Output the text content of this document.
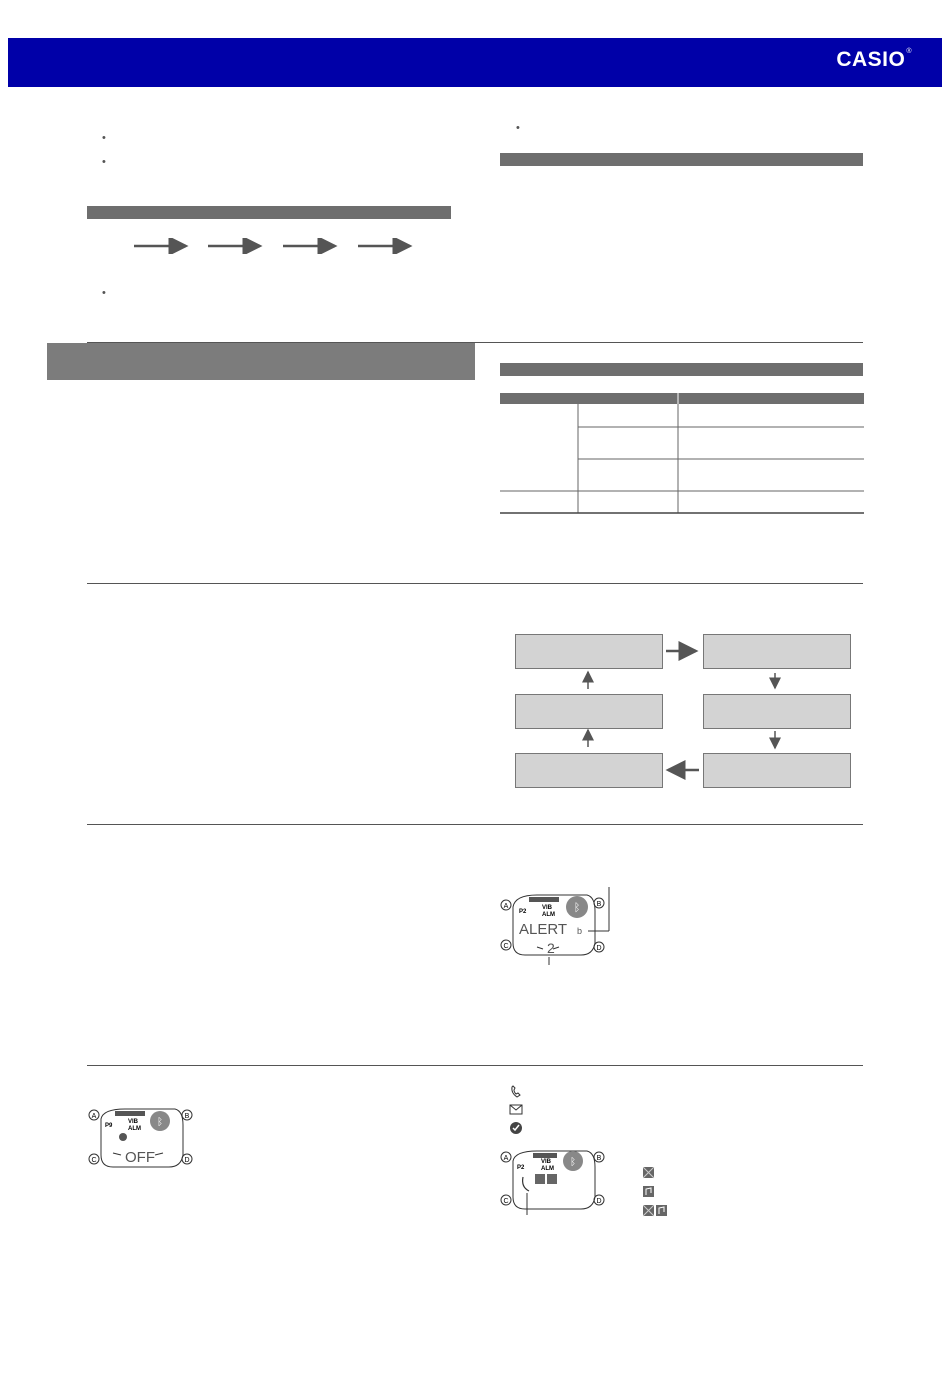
CASIO®
•
•
•
•
A	B
C	D
ᛒ
P2
VIB
ALM
ALERT b
2
A	B
C	D
ᛒ
P9
VIB
ALM
OFF	A	B
C	D
ᛒ
P2
VIB
ALM
